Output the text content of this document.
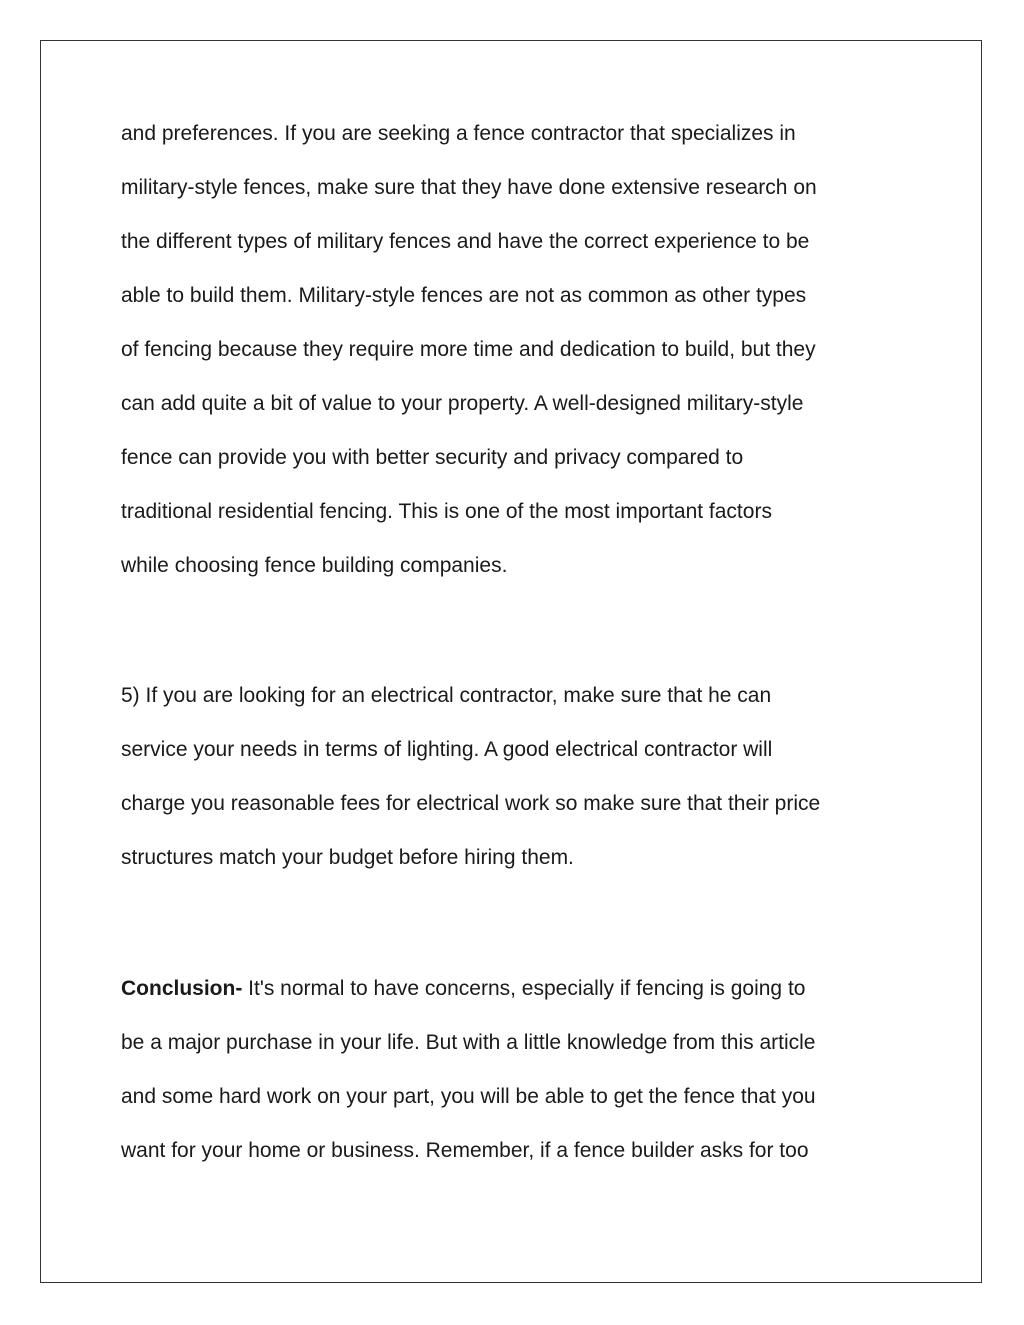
and preferences. If you are seeking a fence contractor that specializes in
military-style fences, make sure that they have done extensive research on
the different types of military fences and have the correct experience to be
able to build them. Military-style fences are not as common as other types
of fencing because they require more time and dedication to build, but they
can add quite a bit of value to your property. A well-designed military-style
fence can provide you with better security and privacy compared to
traditional residential fencing. This is one of the most important factors
while choosing fence building companies.
5) If you are looking for an electrical contractor, make sure that he can
service your needs in terms of lighting. A good electrical contractor will
charge you reasonable fees for electrical work so make sure that their price
structures match your budget before hiring them.
Conclusion- It's normal to have concerns, especially if fencing is going to
be a major purchase in your life. But with a little knowledge from this article
and some hard work on your part, you will be able to get the fence that you
want for your home or business. Remember, if a fence builder asks for too
